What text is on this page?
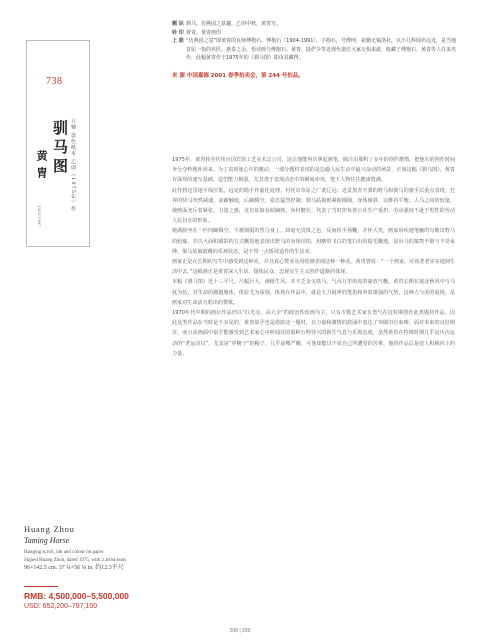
738
驯马图
黄胄
1925-1997
立轴 设色纸本 乙卯（1975年）作
题 识 驯马。仿燕园之意趣。乙卯中秋，黄胄写。
钤 印 黄胄、黄胄画印
上 款 “仿燕园之意”即黄胄的良师傅抱石。傅抱石（1904-1991），字抱石，号傅珂，祖籍无锡洛社，以小儿科闻名远近，是当地首屈一指的名医。惠泰之余，悟诗画与傅抱石、黄胄、陆俨少等近现代诸位大家交相来游，收藏了傅抱石、黄胄等人许多杰作，此幅黄胄作于1975年的《驯马图》即由其藏得。
来 源 中国嘉德 2001 春季拍卖会，第 244 号拍品。

1975年，黄胄转至钓鱼台国宾馆工艺美术总公司，这让他能再次拿起画笔，倾注出那积了多年的创作激情，把他失的创作时间争分夺秒地补回来。为了表现他心中的激动，一部分题材表现的是边疆人民生活中最兴奋动的场景，正如这幅《驯马图》。黄胄有深厚的速写基础，造型能力极强，尤其善于表现动态中的瞬间冲突，笔下人物往往健康饱满。

此作将这里地平线压低，远处的骑手作虚化处理，衬托出草原之广袤辽远；近景黑青不驯的野马和驯马的骑手以重点表现，狂奔的快马突然减速，前蹄触地，后蹄腾空，姿态猛烈控制；驯马姑娘则紧握缰绳，身体倾斜，以维持平衡。人马之间的较量，使画面充斥着紧张、力量之感，这位姑娘看似娴熟，身材健壮，代表了当时担负着公社生产重担、劳动强度不逊于男性的劳动人民妇女的形象。

她满脸坐在一匹四蹄腾空、不被驯服的烈马身上，却毫无畏惧之色，反而挥手扬鞭，并怀大笑，画家用疾速笔触的勾勒出野马的轮廓，并以大面积刷彩的方式概括地表现出野马的身体结构，用略带飞白的笔扫出的鬃毛飘逸，显出马的桀骜不驯与不受束缚，驯马姑娘披戴的乐观状态，是不带一点矫揉造作的生活美。

画家正是在长期的写生中感受到这种美，并且真心赞美及用绘画表现这种一种美。黄胄曾说：“一个画家，应该老老实实地到生活中去。”这幅画正是黄胄深入生活、提炼民众、忠现实生主义创作道路的体现。

本幅《驯马图》近十三平尺，尺幅巨大，满纸生风，并不乏金戈铁马、气吞万里如虎的豪放气概，黄胄长期在塞北秋风中与马抚为伍，对生命的激越躯体，体验尤为深刻，体现在作品中，就是大刀阔斧的笔墨和奔放雄强的气势，这种力与美的展现，是画家对生命活力唱出的赞歌。

1970年代中期的画坛作品仍以“红光亮、高大全”的政治性绘画为主，只有少数艺术家有勇气在这时期创作此类题材作品，因此这类作品在当时是不多见的。黄胄似乎也是借助这一题材，在力量和激情的鼓涌中表达了突破旧有束缚、面对未来的良好期许，而且从画面中似乎能感受到艺术家心中听闻往的那种万物待兴的新生气息与乐观态度，虽然黄胄在特殊时期几乎是历次运动的“老运动员”，尤其是“穿靴子”的帽子，几乎前噬严嗨，可他却能以不该自己所遭受的苦难，他的作品总是给人积极向上的力量。

Huang Zhou
Taming Horse
Hanging scroll, ink and colour on paper
Signed Huang Zhou, dated 1975, with 2 artist seals
96×142.5 cm. 37 ¾×56 ⅛ in. 约12.3平尺
RMB: 4,500,000–5,500,000
USD: 652,200–797,100
208 | 209
